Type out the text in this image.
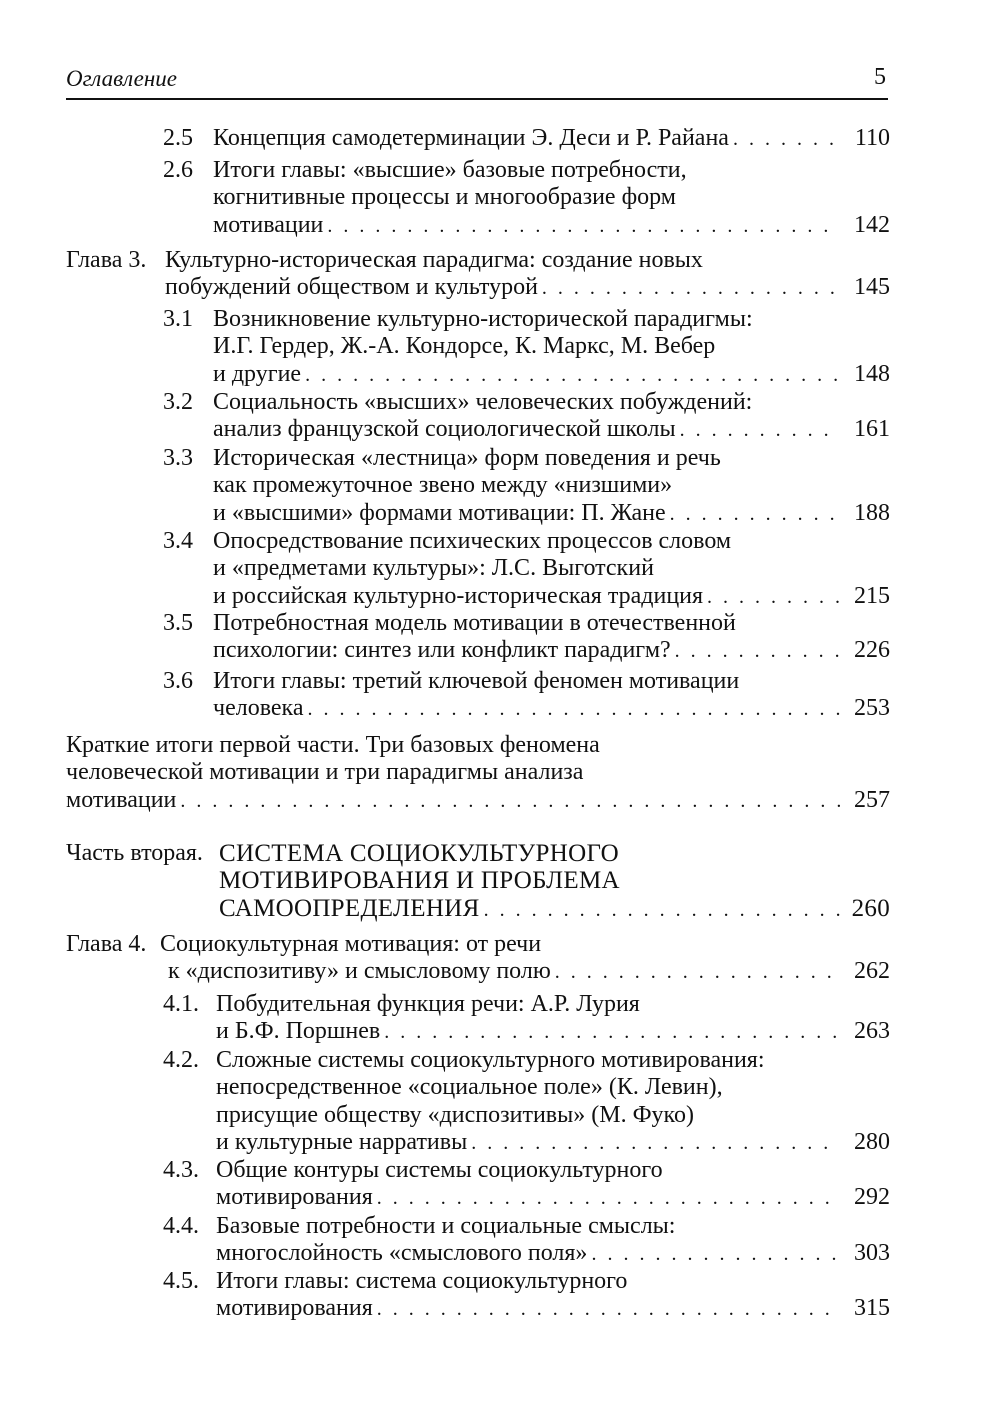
Оглавление	5
2.5 Концепция самодетерминации Э. Деси и Р. Райана . . .	110
2.6 Итоги главы: «высшие» базовые потребности,
когнитивные процессы и многообразие форм
мотивации . . .	142
Глава 3. Культурно-историческая парадигма: создание новых
побуждений обществом и культурой . . .	145
3.1 Возникновение культурно-исторической парадигмы:
И.Г. Гердер, Ж.-А. Кондорсе, К. Маркс, М. Вебер
и другие . . .	148
3.2 Социальность «высших» человеческих побуждений:
анализ французской социологической школы . . .	161
3.3 Историческая «лестница» форм поведения и речь
как промежуточное звено между «низшими»
и «высшими» формами мотивации: П. Жане . . .	188
3.4 Опосредствование психических процессов словом
и «предметами культуры»: Л.С. Выготский
и российская культурно-историческая традиция . . .	215
3.5 Потребностная модель мотивации в отечественной
психологии: синтез или конфликт парадигм? . . .	226
3.6 Итоги главы: третий ключевой феномен мотивации
человека . . .	253
Краткие итоги первой части. Три базовых феномена
человеческой мотивации и три парадигмы анализа
мотивации . . .	257
Часть вторая. СИСТЕМА СОЦИОКУЛЬТУРНОГО
МОТИВИРОВАНИЯ И ПРОБЛЕМА
САМООПРЕДЕЛЕНИЯ . . .	260
Глава 4. Социокультурная мотивация: от речи
к «диспозитиву» и смысловому полю . . .	262
4.1. Побудительная функция речи: А.Р. Лурия
и Б.Ф. Поршнев . . .	263
4.2. Сложные системы социокультурного мотивирования:
непосредственное «социальное поле» (К. Левин),
присущие обществу «диспозитивы» (М. Фуко)
и культурные нарративы . . .	280
4.3. Общие контуры системы социокультурного
мотивирования . . .	292
4.4. Базовые потребности и социальные смыслы:
многослойность «смыслового поля» . . .	303
4.5. Итоги главы: система социокультурного
мотивирования . . .	315
